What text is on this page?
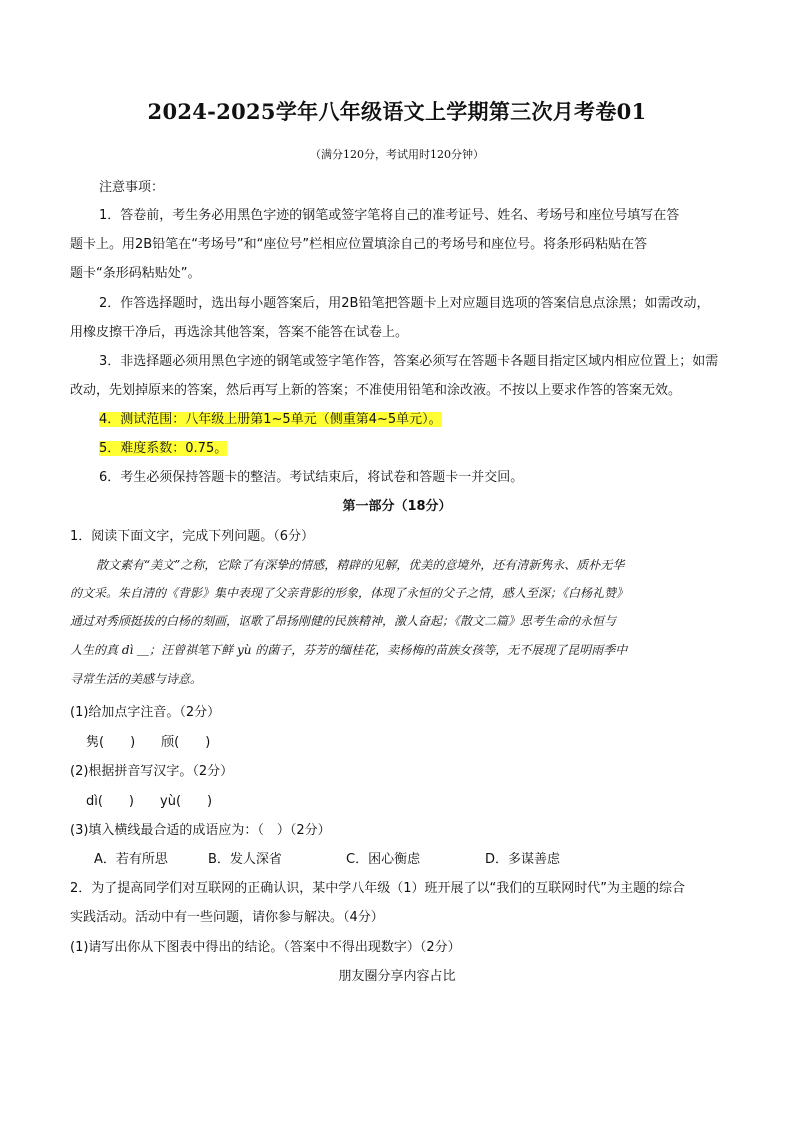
2024-2025学年八年级语文上学期第三次月考卷01
（满分120分，考试用时120分钟）
注意事项：
1．答卷前，考生务必用黑色字迹的钢笔或签字笔将自己的准考证号、姓名、考场号和座位号填写在答
题卡上。用2B铅笔在“考场号”和“座位号”栏相应位置填涂自己的考场号和座位号。将条形码粘贴在答
题卡“条形码粘贴处”。
2．作答选择题时，选出每小题答案后，用2B铅笔把答题卡上对应题目选项的答案信息点涂黑；如需改动，
用橡皮擦干净后，再选涂其他答案，答案不能答在试卷上。
3．非选择题必须用黑色字迹的钢笔或签字笔作答，答案必须写在答题卡各题目指定区域内相应位置上；如需
改动，先划掉原来的答案，然后再写上新的答案；不准使用铅笔和涂改液。不按以上要求作答的答案无效。
4．测试范围：八年级上册第1~5单元（侧重第4~5单元）。
5．难度系数：0.75。
6．考生必须保持答题卡的整洁。考试结束后，将试卷和答题卡一并交回。
第一部分（18分）
1．阅读下面文字，完成下列问题。（6分）
散文素有“美文”之称，它除了有深挚的情感，精辟的见解，优美的意境外，还有清新隽永、质朴无华
的文采。朱自清的《背影》集中表现了父亲背影的形象，体现了永恒的父子之情，感人至深；《白杨礼赞》
通过对秀颀挺拔的白杨的刻画，讴歌了昂扬刚健的民族精神，激人奋起；《散文二篇》思考生命的永恒与
人生的真 dì ＿；汪曾祺笔下鲜 yù 的菌子，芬芳的缅桂花，卖杨梅的苗族女孩等，无不展现了昆明雨季中
寻常生活的美感与诗意。
(1)给加点字注音。（2分）
隽(　　)　　颀(　　)
(2)根据拼音写汉字。（2分）
dì(　　)　　yù(　　)
(3)填入横线最合适的成语应为：（　）（2分）
A．若有所思	B．发人深省	C．困心衡虑	D．多谋善虑
2．为了提高同学们对互联网的正确认识，某中学八年级（1）班开展了以“我们的互联网时代”为主题的综合
实践活动。活动中有一些问题，请你参与解决。（4分）
(1)请写出你从下图表中得出的结论。（答案中不得出现数字）（2分）
朋友圈分享内容占比
